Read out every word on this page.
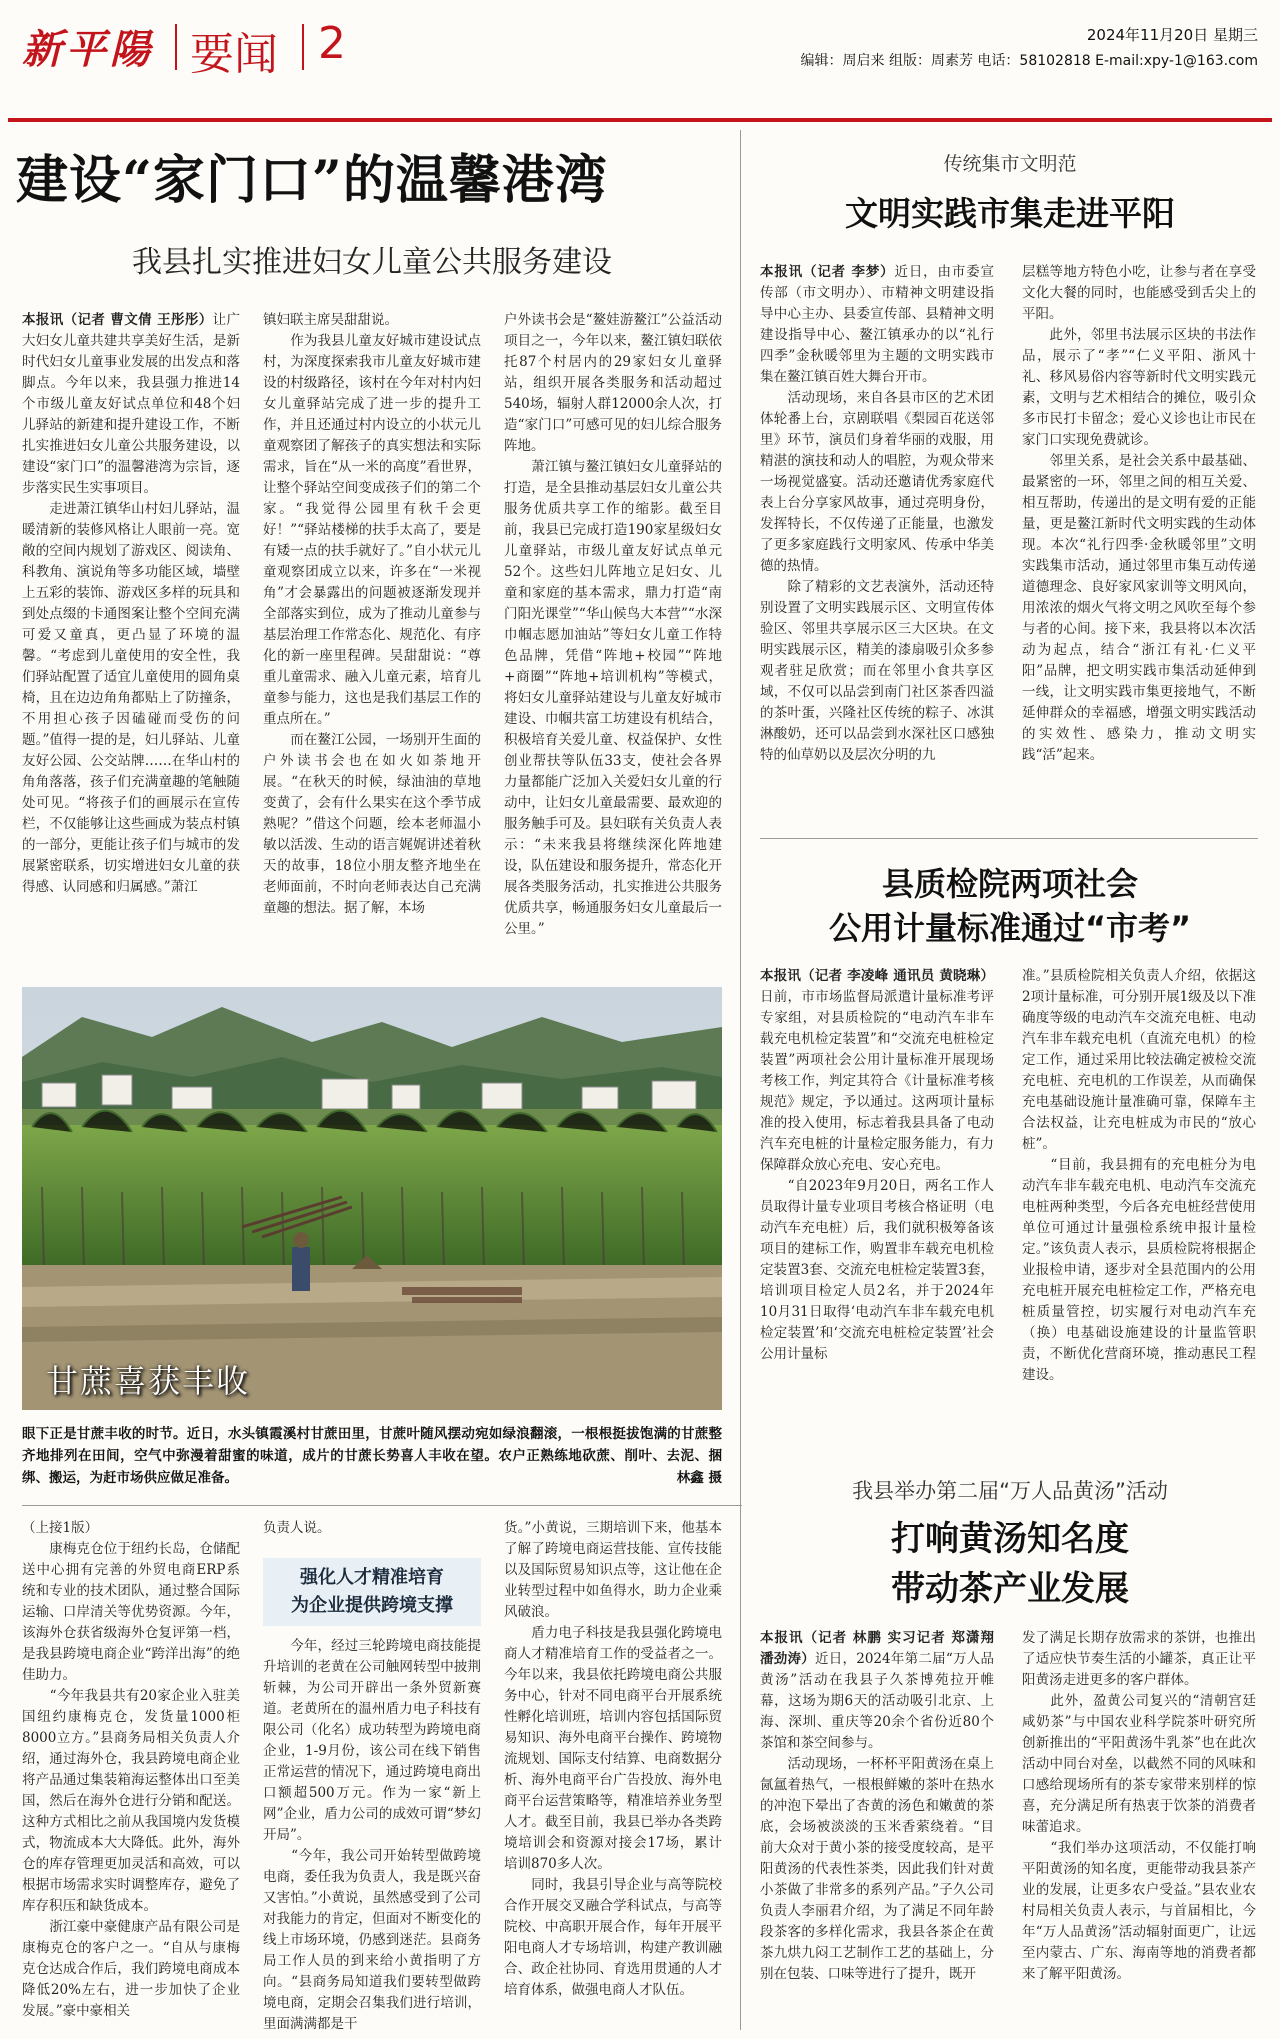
新平陽 要闻 2	2024年11月20日 星期三
编辑：周启来 组版：周素芳 电话：58102818 E-mail:xpy-1@163.com
建设“家门口”的温馨港湾
我县扎实推进妇女儿童公共服务建设
本报讯（记者 曹文倩 王彤彤）让广大妇女儿童共建共享美好生活，是新时代妇女儿童事业发展的出发点和落脚点。今年以来，我县强力推进14个市级儿童友好试点单位和48个妇儿驿站的新建和提升建设工作，不断扎实推进妇女儿童公共服务建设，以建设“家门口”的温馨港湾为宗旨，逐步落实民生实事项目。
　　走进萧江镇华山村妇儿驿站，温暖清新的装修风格让人眼前一亮。宽敞的空间内规划了游戏区、阅读角、科教角、演说角等多功能区域，墙壁上五彩的装饰、游戏区多样的玩具和到处点缀的卡通图案让整个空间充满可爱又童真，更凸显了环境的温馨。“考虑到儿童使用的安全性，我们驿站配置了适宜儿童使用的圆角桌椅，且在边边角角都贴上了防撞条，不用担心孩子因磕碰而受伤的问题。”值得一提的是，妇儿驿站、儿童友好公园、公交站牌……在华山村的角角落落，孩子们充满童趣的笔触随处可见。“将孩子们的画展示在宣传栏，不仅能够让这些画成为装点村镇的一部分，更能让孩子们与城市的发展紧密联系，切实增进妇女儿童的获得感、认同感和归属感。”萧江
镇妇联主席吴甜甜说。
　　作为我县儿童友好城市建设试点村，为深度探索我市儿童友好城市建设的村级路径，该村在今年对村内妇女儿童驿站完成了进一步的提升工作，并且还通过村内设立的小状元儿童观察团了解孩子的真实想法和实际需求，旨在“从一米的高度”看世界，让整个驿站空间变成孩子们的第二个家。“我觉得公园里有秋千会更好！”“驿站楼梯的扶手太高了，要是有矮一点的扶手就好了。”自小状元儿童观察团成立以来，许多在“一米视角”才会暴露出的问题被逐渐发现并全部落实到位，成为了推动儿童参与基层治理工作常态化、规范化、有序化的新一座里程碑。吴甜甜说：“尊重儿童需求、融入儿童元素，培育儿童参与能力，这也是我们基层工作的重点所在。”
　　而在鳌江公园，一场别开生面的户外读书会也在如火如荼地开展。“在秋天的时候，绿油油的草地变黄了，会有什么果实在这个季节成熟呢？”借这个问题，绘本老师温小敏以活泼、生动的语言娓娓讲述着秋天的故事，18位小朋友整齐地坐在老师面前，不时向老师表达自己充满童趣的想法。据了解，本场
户外读书会是“鳌娃游鳌江”公益活动项目之一，今年以来，鳌江镇妇联依托87个村居内的29家妇女儿童驿站，组织开展各类服务和活动超过540场，辐射人群12000余人次，打造“家门口”可感可见的妇儿综合服务阵地。
　　萧江镇与鳌江镇妇女儿童驿站的打造，是全县推动基层妇女儿童公共服务优质共享工作的缩影。截至目前，我县已完成打造190家星级妇女儿童驿站，市级儿童友好试点单元52个。这些妇儿阵地立足妇女、儿童和家庭的基本需求，鼎力打造“南门阳光课堂”“华山候鸟大本营”“水深巾帼志愿加油站”等妇女儿童工作特色品牌，凭借“阵地+校园”“阵地+商圈”“阵地+培训机构”等模式，将妇女儿童驿站建设与儿童友好城市建设、巾帼共富工坊建设有机结合，积极培育关爱儿童、权益保护、女性创业帮扶等队伍33支，使社会各界力量都能广泛加入关爱妇女儿童的行动中，让妇女儿童最需要、最欢迎的服务触手可及。县妇联有关负责人表示：“未来我县将继续深化阵地建设，队伍建设和服务提升，常态化开展各类服务活动，扎实推进公共服务优质共享，畅通服务妇女儿童最后一公里。”
甘蔗喜获丰收
眼下正是甘蔗丰收的时节。近日，水头镇霞溪村甘蔗田里，甘蔗叶随风摆动宛如绿浪翻滚，一根根挺拔饱满的甘蔗整齐地排列在田间，空气中弥漫着甜蜜的味道，成片的甘蔗长势喜人丰收在望。农户正熟练地砍蔗、削叶、去泥、捆绑、搬运，为赶市场供应做足准备。	林鑫 摄
传统集市文明范
文明实践市集走进平阳
本报讯（记者 李梦）近日，由市委宣传部（市文明办）、市精神文明建设指导中心主办、县委宣传部、县精神文明建设指导中心、鳌江镇承办的以“礼行四季”金秋暖邻里为主题的文明实践市集在鳌江镇百姓大舞台开市。
　　活动现场，来自各县市区的艺术团体轮番上台，京剧联唱《梨园百花送邻里》环节，演员们身着华丽的戏服，用精湛的演技和动人的唱腔，为观众带来一场视觉盛宴。活动还邀请优秀家庭代表上台分享家风故事，通过亮明身份，发挥特长，不仅传递了正能量，也激发了更多家庭践行文明家风、传承中华美德的热情。
　　除了精彩的文艺表演外，活动还特别设置了文明实践展示区、文明宣传体验区、邻里共享展示区三大区块。在文明实践展示区，精美的漆扇吸引众多参观者驻足欣赏；而在邻里小食共享区域，不仅可以品尝到南门社区茶香四溢的茶叶蛋，兴隆社区传统的粽子、冰淇淋酸奶，还可以品尝到水深社区口感独特的仙草奶以及层次分明的九
层糕等地方特色小吃，让参与者在享受文化大餐的同时，也能感受到舌尖上的平阳。
　　此外，邻里书法展示区块的书法作品，展示了“孝”“仁义平阳、浙风十礼、移风易俗内容等新时代文明实践元素，文明与艺术相结合的摊位，吸引众多市民打卡留念；爱心义诊也让市民在家门口实现免费就诊。
　　邻里关系，是社会关系中最基础、最紧密的一环，邻里之间的相互关爱、相互帮助，传递出的是文明有爱的正能量，更是鳌江新时代文明实践的生动体现。本次“礼行四季·金秋暖邻里”文明实践集市活动，通过邻里市集互动传递道德理念、良好家风家训等文明风向，用浓浓的烟火气将文明之风吹至每个参与者的心间。接下来，我县将以本次活动为起点，结合“浙江有礼·仁义平阳”品牌，把文明实践市集活动延伸到一线，让文明实践市集更接地气，不断延伸群众的幸福感，增强文明实践活动的实效性、感染力，推动文明实践“活”起来。
县质检院两项社会
公用计量标准通过“市考”
本报讯（记者 李凌峰 通讯员 黄晓琳）日前，市市场监督局派遣计量标准考评专家组，对县质检院的“电动汽车非车载充电机检定装置”和“交流充电桩检定装置”两项社会公用计量标准开展现场考核工作，判定其符合《计量标准考核规范》规定，予以通过。这两项计量标准的投入使用，标志着我县具备了电动汽车充电桩的计量检定服务能力，有力保障群众放心充电、安心充电。
　　“自2023年9月20日，两名工作人员取得计量专业项目考核合格证明（电动汽车充电桩）后，我们就积极筹备该项目的建标工作，购置非车载充电机检定装置3套、交流充电桩检定装置3套，培训项目检定人员2名，并于2024年10月31日取得‘电动汽车非车载充电机检定装置’和‘交流充电桩检定装置’社会公用计量标
准。”县质检院相关负责人介绍，依据这2项计量标准，可分别开展1级及以下准确度等级的电动汽车交流充电桩、电动汽车非车载充电机（直流充电机）的检定工作，通过采用比较法确定被检交流充电桩、充电机的工作误差，从而确保充电基础设施计量准确可靠，保障车主合法权益，让充电桩成为市民的“放心桩”。
　　“目前，我县拥有的充电桩分为电动汽车非车载充电机、电动汽车交流充电桩两种类型，今后各充电桩经营使用单位可通过计量强检系统申报计量检定。”该负责人表示，县质检院将根据企业报检申请，逐步对全县范围内的公用充电桩开展充电桩检定工作，严格充电桩质量管控，切实履行对电动汽车充（换）电基础设施建设的计量监管职责，不断优化营商环境，推动惠民工程建设。
我县举办第二届“万人品黄汤”活动
打响黄汤知名度
带动茶产业发展
本报讯（记者 林鹏 实习记者 郑潇翔 潘劲涛）近日，2024年第二届“万人品黄汤”活动在我县子久茶博苑拉开帷幕，这场为期6天的活动吸引北京、上海、深圳、重庆等20余个省份近80个茶馆和茶空间参与。
　　活动现场，一杯杯平阳黄汤在桌上氤氲着热气，一根根鲜嫩的茶叶在热水的冲泡下晕出了杏黄的汤色和嫩黄的茶底，会场被淡淡的玉米香萦绕着。“目前大众对于黄小茶的接受度较高，是平阳黄汤的代表性茶类，因此我们针对黄小茶做了非常多的系列产品。”子久公司负责人李丽君介绍，为了满足不同年龄段茶客的多样化需求，我县各茶企在黄茶九烘九闷工艺制作工艺的基础上，分别在包装、口味等进行了提升，既开
发了满足长期存放需求的茶饼，也推出了适应快节奏生活的小罐茶，真正让平阳黄汤走进更多的客户群体。
　　此外，盈黄公司复兴的“清朝宫廷咸奶茶”与中国农业科学院茶叶研究所创新推出的“平阳黄汤牛乳茶”也在此次活动中同台对垒，以截然不同的风味和口感给现场所有的茶专家带来别样的惊喜，充分满足所有热衷于饮茶的消费者味蕾追求。
　　“我们举办这项活动，不仅能打响平阳黄汤的知名度，更能带动我县茶产业的发展，让更多农户受益。”县农业农村局相关负责人表示，与首届相比，今年“万人品黄汤”活动辐射面更广，让远至内蒙古、广东、海南等地的消费者都来了解平阳黄汤。
（上接1版）
　　康梅克仓位于纽约长岛，仓储配送中心拥有完善的外贸电商ERP系统和专业的技术团队，通过整合国际运输、口岸清关等优势资源。今年，该海外仓获省级海外仓复评第一档，是我县跨境电商企业“跨洋出海”的绝佳助力。
　　“今年我县共有20家企业入驻美国纽约康梅克仓，发货量1000柜8000立方。”县商务局相关负责人介绍，通过海外仓，我县跨境电商企业将产品通过集装箱海运整体出口至美国，然后在海外仓进行分销和配送。这种方式相比之前从我国境内发货模式，物流成本大大降低。此外，海外仓的库存管理更加灵活和高效，可以根据市场需求实时调整库存，避免了库存积压和缺货成本。
　　浙江豪中豪健康产品有限公司是康梅克仓的客户之一。“自从与康梅克仓达成合作后，我们跨境电商成本降低20%左右，进一步加快了企业发展。”豪中豪相关
负责人说。
强化人才精准培育
为企业提供跨境支撑
　　今年，经过三轮跨境电商技能提升培训的老黄在公司触网转型中披荆斩棘，为公司开辟出一条外贸新赛道。老黄所在的温州盾力电子科技有限公司（化名）成功转型为跨境电商企业，1-9月份，该公司在线下销售正常运营的情况下，通过跨境电商出口额超500万元。作为一家“新上网”企业，盾力公司的成效可谓“梦幻开局”。
　　“今年，我公司开始转型做跨境电商，委任我为负责人，我是既兴奋又害怕。”小黄说，虽然感受到了公司对我能力的肯定，但面对不断变化的线上市场环境，仍感到迷茫。县商务局工作人员的到来给小黄指明了方向。“县商务局知道我们要转型做跨境电商，定期会召集我们进行培训，里面满满都是干
货。”小黄说，三期培训下来，他基本了解了跨境电商运营技能、宣传技能以及国际贸易知识点等，这让他在企业转型过程中如鱼得水，助力企业乘风破浪。
　　盾力电子科技是我县强化跨境电商人才精准培育工作的受益者之一。今年以来，我县依托跨境电商公共服务中心，针对不同电商平台开展系统性孵化培训班，培训内容包括国际贸易知识、海外电商平台操作、跨境物流规划、国际支付结算、电商数据分析、海外电商平台广告投放、海外电商平台运营策略等，精准培养业务型人才。截至目前，我县已举办各类跨境培训会和资源对接会17场，累计培训870多人次。
　　同时，我县引导企业与高等院校合作开展交叉融合学科试点，与高等院校、中高职开展合作，每年开展平阳电商人才专场培训，构建产教训融合、政企社协同、育选用贯通的人才培育体系，做强电商人才队伍。
